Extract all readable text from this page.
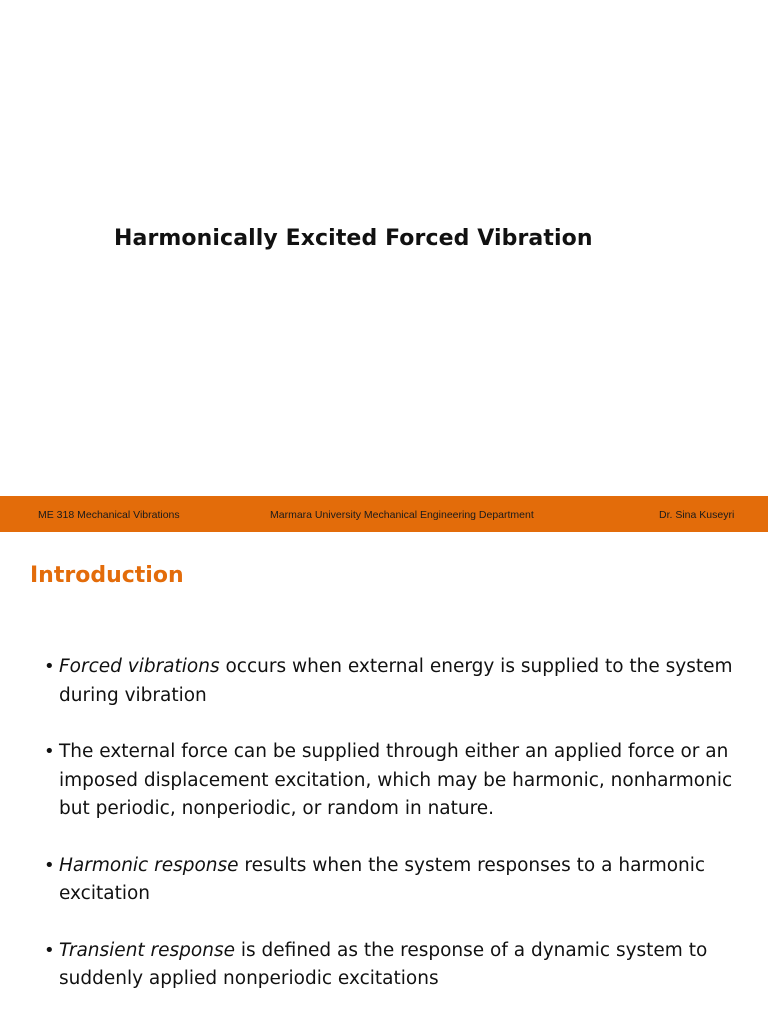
Harmonically Excited Forced Vibration
ME 318 Mechanical Vibrations	Marmara University Mechanical Engineering Department	Dr. Sina Kuseyri
Introduction
• Forced vibrations occurs when external energy is supplied to the system during vibration
• The external force can be supplied through either an applied force or an imposed displacement excitation, which may be harmonic, nonharmonic but periodic, nonperiodic, or random in nature.
• Harmonic response results when the system responses to a harmonic excitation
• Transient response is defined as the response of a dynamic system to suddenly applied nonperiodic excitations
